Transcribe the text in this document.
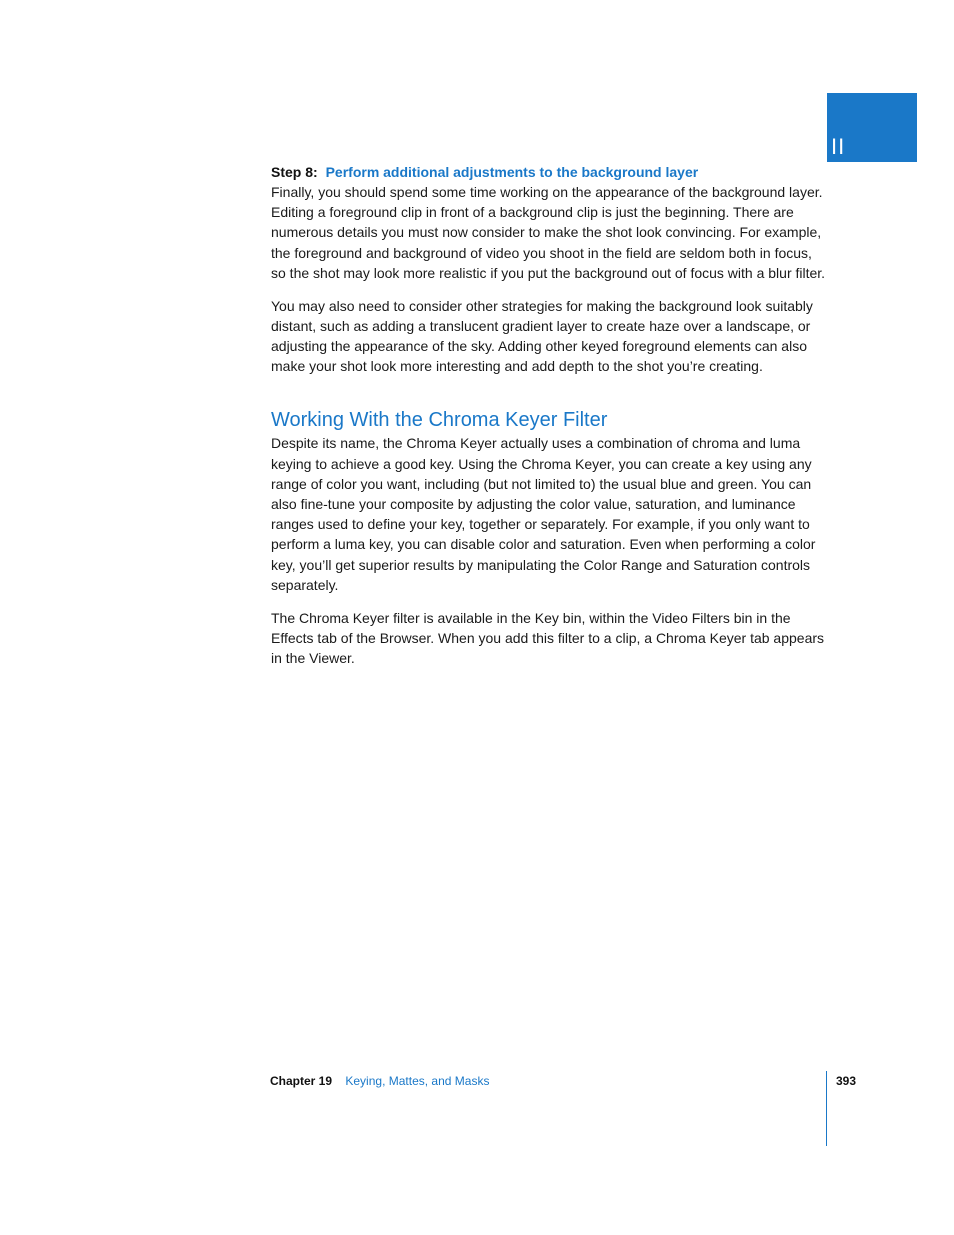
II
Step 8: Perform additional adjustments to the background layer

Finally, you should spend some time working on the appearance of the background layer. Editing a foreground clip in front of a background clip is just the beginning. There are numerous details you must now consider to make the shot look convincing. For example, the foreground and background of video you shoot in the field are seldom both in focus, so the shot may look more realistic if you put the background out of focus with a blur filter.

You may also need to consider other strategies for making the background look suitably distant, such as adding a translucent gradient layer to create haze over a landscape, or adjusting the appearance of the sky. Adding other keyed foreground elements can also make your shot look more interesting and add depth to the shot you’re creating.

Working With the Chroma Keyer Filter

Despite its name, the Chroma Keyer actually uses a combination of chroma and luma keying to achieve a good key. Using the Chroma Keyer, you can create a key using any range of color you want, including (but not limited to) the usual blue and green. You can also fine-tune your composite by adjusting the color value, saturation, and luminance ranges used to define your key, together or separately. For example, if you only want to perform a luma key, you can disable color and saturation. Even when performing a color key, you’ll get superior results by manipulating the Color Range and Saturation controls separately.

The Chroma Keyer filter is available in the Key bin, within the Video Filters bin in the Effects tab of the Browser. When you add this filter to a clip, a Chroma Keyer tab appears in the Viewer.

Chapter 19 Keying, Mattes, and Masks	393
